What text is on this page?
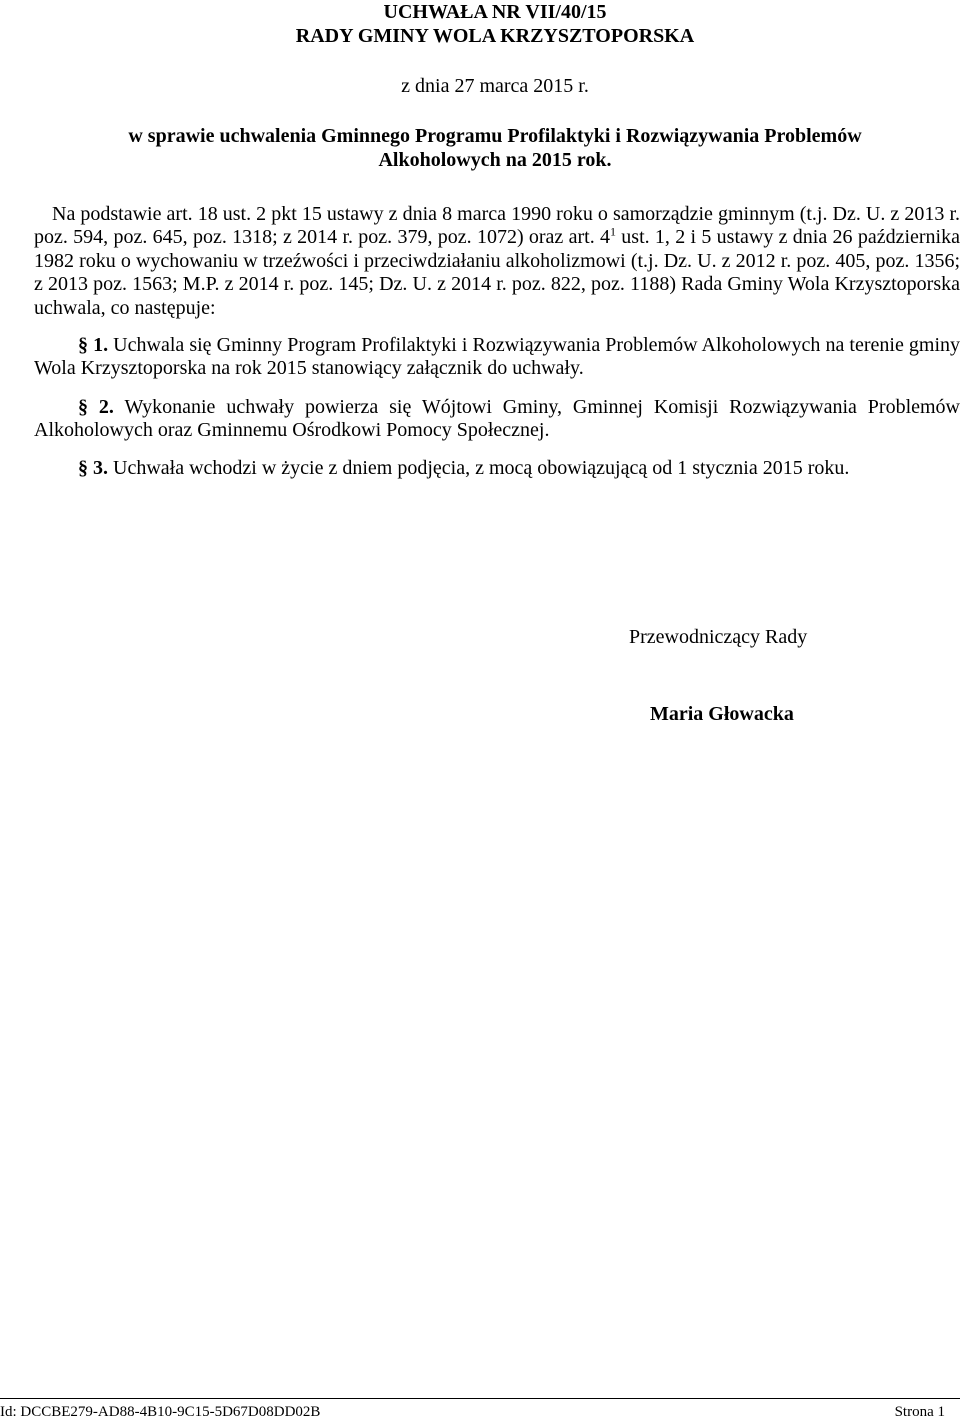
UCHWAŁA NR VII/40/15
RADY GMINY WOLA KRZYSZTOPORSKA
z dnia 27 marca 2015 r.
w sprawie uchwalenia Gminnego Programu Profilaktyki i Rozwiązywania Problemów
Alkoholowych na 2015 rok.

Na podstawie art. 18 ust. 2 pkt 15 ustawy z dnia 8 marca 1990 roku o samorządzie gminnym (t.j. Dz. U. z 2013 r. poz. 594, poz. 645, poz. 1318; z 2014 r. poz. 379, poz. 1072) oraz art. $4^1$ ust. 1, 2 i 5 ustawy z dnia 26 października 1982 roku o wychowaniu w trzeźwości i przeciwdziałaniu alkoholizmowi (t.j. Dz. U. z 2012 r. poz. 405, poz. 1356; z 2013 poz. 1563; M.P. z 2014 r. poz. 145; Dz. U. z 2014 r. poz. 822, poz. 1188) Rada Gminy Wola Krzysztoporska uchwala, co następuje:

§ 1. Uchwala się Gminny Program Profilaktyki i Rozwiązywania Problemów Alkoholowych na terenie gminy Wola Krzysztoporska na rok 2015 stanowiący załącznik do uchwały.

§ 2. Wykonanie uchwały powierza się Wójtowi Gminy, Gminnej Komisji Rozwiązywania Problemów Alkoholowych oraz Gminnemu Ośrodkowi Pomocy Społecznej.

§ 3. Uchwała wchodzi w życie z dniem podjęcia, z mocą obowiązującą od 1 stycznia 2015 roku.

Przewodniczący Rady
Maria Głowacka
Id: DCCBE279-AD88-4B10-9C15-5D67D08DD02B	Strona 1
